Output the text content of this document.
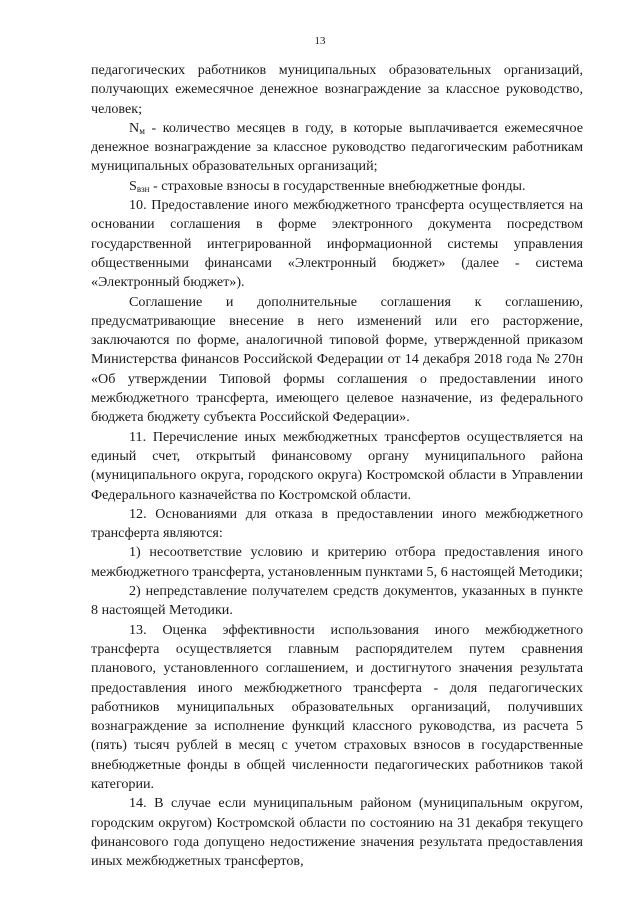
13

педагогических работников муниципальных образовательных организаций, получающих ежемесячное денежное вознаграждение за классное руководство, человек;

$N_м$ - количество месяцев в году, в которые выплачивается ежемесячное денежное вознаграждение за классное руководство педагогическим работникам муниципальных образовательных организаций;

$S_{взн}$ - страховые взносы в государственные внебюджетные фонды.

10. Предоставление иного межбюджетного трансферта осуществляется на основании соглашения в форме электронного документа посредством государственной интегрированной информационной системы управления общественными финансами «Электронный бюджет» (далее - система «Электронный бюджет»).

Соглашение и дополнительные соглашения к соглашению, предусматривающие внесение в него изменений или его расторжение, заключаются по форме, аналогичной типовой форме, утвержденной приказом Министерства финансов Российской Федерации от 14 декабря 2018 года № 270н «Об утверждении Типовой формы соглашения о предоставлении иного межбюджетного трансферта, имеющего целевое назначение, из федерального бюджета бюджету субъекта Российской Федерации».

11. Перечисление иных межбюджетных трансфертов осуществляется на единый счет, открытый финансовому органу муниципального района (муниципального округа, городского округа) Костромской области в Управлении Федерального казначейства по Костромской области.

12. Основаниями для отказа в предоставлении иного межбюджетного трансферта являются:

1) несоответствие условию и критерию отбора предоставления иного межбюджетного трансферта, установленным пунктами 5, 6 настоящей Методики;

2) непредставление получателем средств документов, указанных в пункте 8 настоящей Методики.

13. Оценка эффективности использования иного межбюджетного трансферта осуществляется главным распорядителем путем сравнения планового, установленного соглашением, и достигнутого значения результата предоставления иного межбюджетного трансферта - доля педагогических работников муниципальных образовательных организаций, получивших вознаграждение за исполнение функций классного руководства, из расчета 5 (пять) тысяч рублей в месяц с учетом страховых взносов в государственные внебюджетные фонды в общей численности педагогических работников такой категории.

14. В случае если муниципальным районом (муниципальным округом, городским округом) Костромской области по состоянию на 31 декабря текущего финансового года допущено недостижение значения результата предоставления иных межбюджетных трансфертов,
